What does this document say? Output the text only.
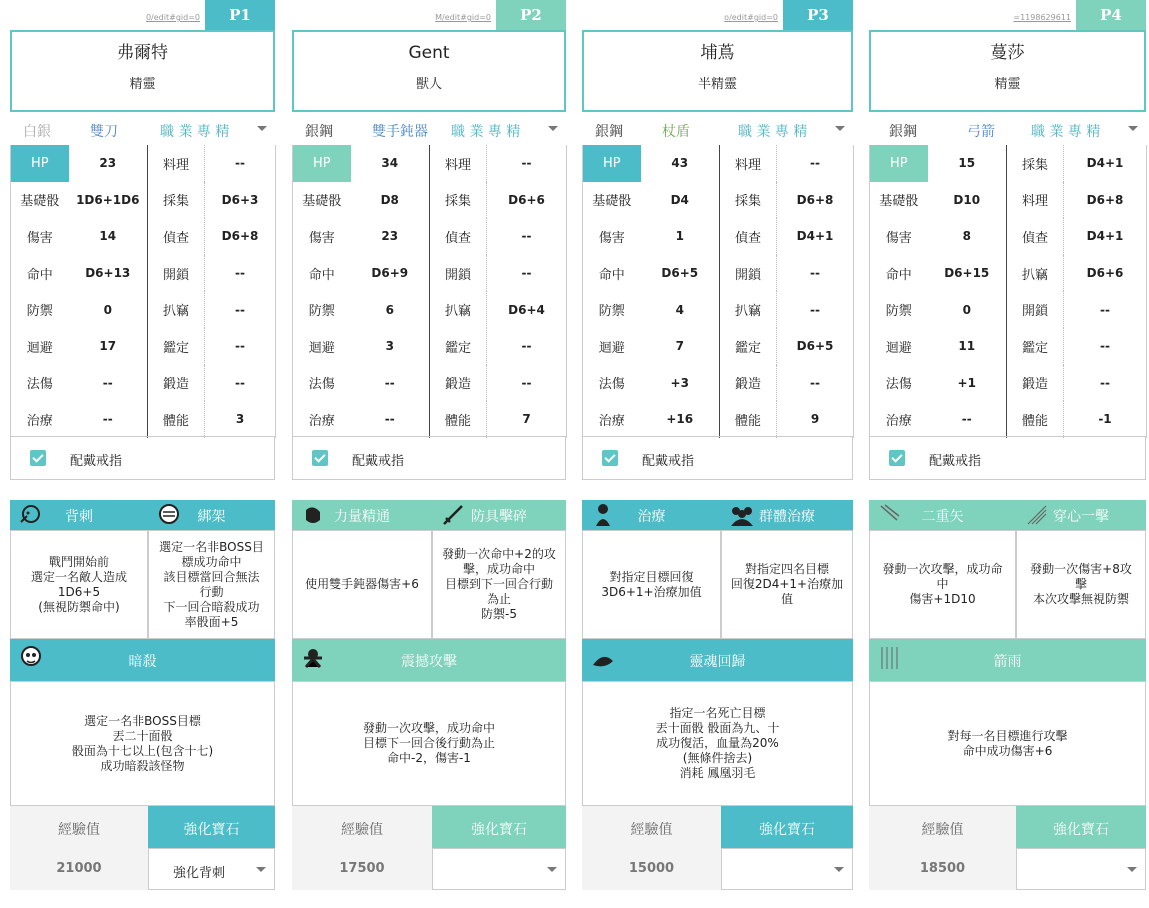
0/edit#gid=0	P1
弗爾特
精靈
白銀	雙刀	職 業 專 精
HP	23	料理	--
基礎骰	1D6+1D6	採集	D6+3
傷害	14	偵查	D6+8
命中	D6+13	開鎖	--
防禦	0	扒竊	--
迴避	17	鑑定	--
法傷	--	鍛造	--
治療	--	體能	3
配戴戒指
背刺
戰鬥開始前
選定一名敵人造成
1D6+5
(無視防禦命中)
綁架
選定一名非BOSS目
標成功命中
該目標當回合無法
行動
下一回合暗殺成功
率骰面+5
暗殺
選定一名非BOSS目標
丟二十面骰
骰面為十七以上(包含十七)
成功暗殺該怪物
經驗值	強化寶石
21000	強化背刺
M/edit#gid=0	P2
Gent
獸人
銀鋼	雙手鈍器 職 業 專 精
HP	34	料理	--
基礎骰	D8	採集	D6+6
傷害	23	偵查	--
命中	D6+9	開鎖	--
防禦	6	扒竊	D6+4
迴避	3	鑑定	--
法傷	--	鍛造	--
治療	--	體能	7
配戴戒指
力量精通
使用雙手鈍器傷害+6
防具擊碎
發動一次命中+2的攻
擊，成功命中
目標到下一回合行動
為止
防禦-5
震撼攻擊
發動一次攻擊，成功命中
目標下一回合後行動為止
命中-2，傷害-1
經驗值	強化寶石
17500
o/edit#gid=0	P3
埔蔦
半精靈
銀鋼	杖盾	職 業 專 精
HP	43	料理	--
基礎骰	D4	採集	D6+8
傷害	1	偵查	D4+1
命中	D6+5	開鎖	--
防禦	4	扒竊	--
迴避	7	鑑定	D6+5
法傷	+3	鍛造	--
治療	+16	體能	9
配戴戒指
治療
對指定目標回復
3D6+1+治療加值
群體治療
對指定四名目標
回復2D4+1+治療加
值
靈魂回歸
指定一名死亡目標
丟十面骰 骰面為九、十
成功復活，血量為20%
(無條件捨去)
消耗 鳳凰羽毛
經驗值	強化寶石
15000
=1198629611	P4
蔓莎
精靈
銀鋼	弓箭	職 業 專 精
HP	15	採集	D4+1
基礎骰	D10	料理	D6+8
傷害	8	偵查	D4+1
命中	D6+15	扒竊	D6+6
防禦	0	開鎖	--
迴避	11	鑑定	--
法傷	+1	鍛造	--
治療	--	體能	-1
配戴戒指
二重矢
發動一次攻擊，成功命
中
傷害+1D10
穿心一擊
發動一次傷害+8攻
擊
本次攻擊無視防禦
箭雨
對每一名目標進行攻擊
命中成功傷害+6
經驗值	強化寶石
18500
